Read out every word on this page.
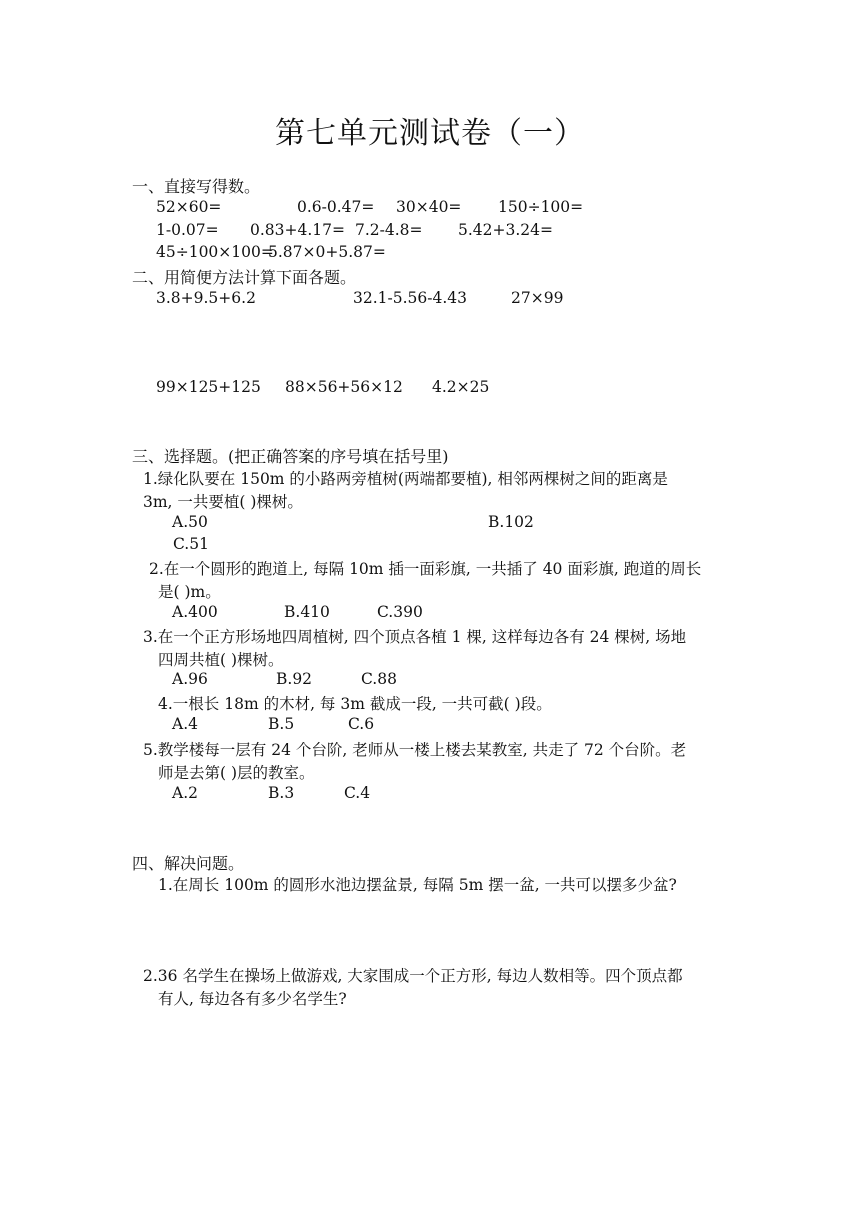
第七单元测试卷（一）
一、直接写得数。
52×60=	0.6-0.47= 30×40= 150÷100=
1-0.07= 0.83+4.17= 7.2-4.8= 5.42+3.24=
45÷100×100=
5.87×0+5.87=
二、用简便方法计算下面各题。
3.8+9.5+6.2	32.1-5.56-4.43	27×99
99×125+125 88×56+56×12 4.2×25
三、选择题。(把正确答案的序号填在括号里)
1.绿化队要在 150m 的小路两旁植树(两端都要植), 相邻两棵树之间的距离是
3m, 一共要植( )棵树。
A.50	B.102
C.51
2.在一个圆形的跑道上, 每隔 10m 插一面彩旗, 一共插了 40 面彩旗, 跑道的周长
是( )m。
A.400	B.410	C.390
3.在一个正方形场地四周植树, 四个顶点各植 1 棵, 这样每边各有 24 棵树, 场地
四周共植( )棵树。
A.96	B.92	C.88
4.一根长 18m 的木材, 每 3m 截成一段, 一共可截( )段。
A.4	B.5	C.6
5.教学楼每一层有 24 个台阶, 老师从一楼上楼去某教室, 共走了 72 个台阶。老
师是去第( )层的教室。
A.2	B.3	C.4
四、解决问题。
1.在周长 100m 的圆形水池边摆盆景, 每隔 5m 摆一盆, 一共可以摆多少盆?
2.36 名学生在操场上做游戏, 大家围成一个正方形, 每边人数相等。四个顶点都
有人, 每边各有多少名学生?
